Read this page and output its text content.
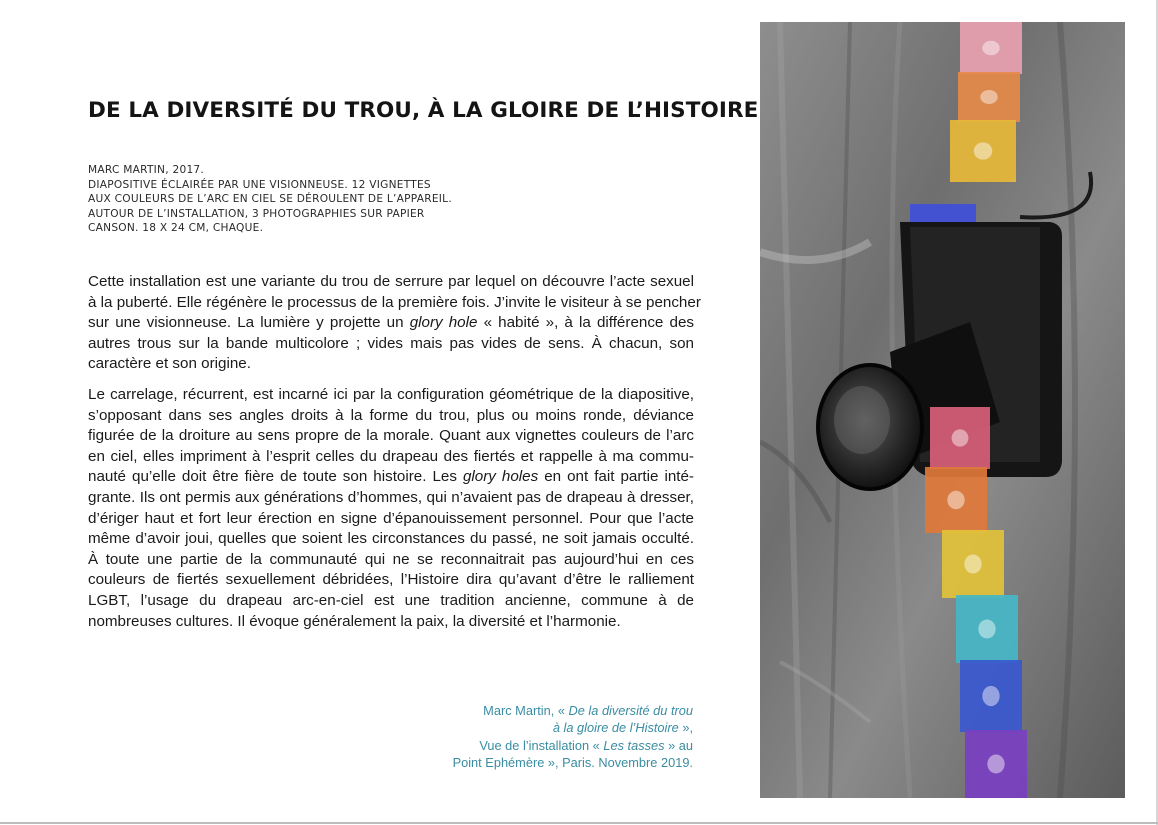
DE LA DIVERSITÉ DU TROU, À LA GLOIRE DE L’HISTOIRE
MARC MARTIN, 2017.
DIAPOSITIVE ÉCLAIRÉE PAR UNE VISIONNEUSE. 12 VIGNETTES
AUX COULEURS DE L’ARC EN CIEL SE DÉROULENT DE L’APPAREIL.
AUTOUR DE L’INSTALLATION, 3 PHOTOGRAPHIES SUR PAPIER
CANSON. 18 X 24 CM, CHAQUE.

Cette installation est une variante du trou de serrure par lequel on découvre l’acte sexuel
à la puberté. Elle régénère le processus de la première fois. J’invite le visiteur à se pencher
sur une visionneuse. La lumière y projette un glory hole « habité », à la différence des
autres trous sur la bande multicolore ; vides mais pas vides de sens. À chacun, son
caractère et son origine.

Le carrelage, récurrent, est incarné ici par la configuration géométrique de la diapositive,
s’opposant dans ses angles droits à la forme du trou, plus ou moins ronde, déviance
figurée de la droiture au sens propre de la morale. Quant aux vignettes couleurs de l’arc
en ciel, elles impriment à l’esprit celles du drapeau des fiertés et rappelle à ma commu-
nauté qu’elle doit être fière de toute son histoire. Les glory holes en ont fait partie inté-
grante. Ils ont permis aux générations d’hommes, qui n’avaient pas de drapeau à dresser,
d’ériger haut et fort leur érection en signe d’épanouissement personnel. Pour que l’acte
même d’avoir joui, quelles que soient les circonstances du passé, ne soit jamais occulté.
À toute une partie de la communauté qui ne se reconnaitrait pas aujourd’hui en ces
couleurs de fiertés sexuellement débridées, l’Histoire dira qu’avant d’être le ralliement
LGBT, l’usage du drapeau arc-en-ciel est une tradition ancienne, commune à de
nombreuses cultures. Il évoque généralement la paix, la diversité et l’harmonie.

Marc Martin, « De la diversité du trou
à la gloire de l’Histoire »,
Vue de l’installation « Les tasses » au
Point Ephémère », Paris. Novembre 2019.
